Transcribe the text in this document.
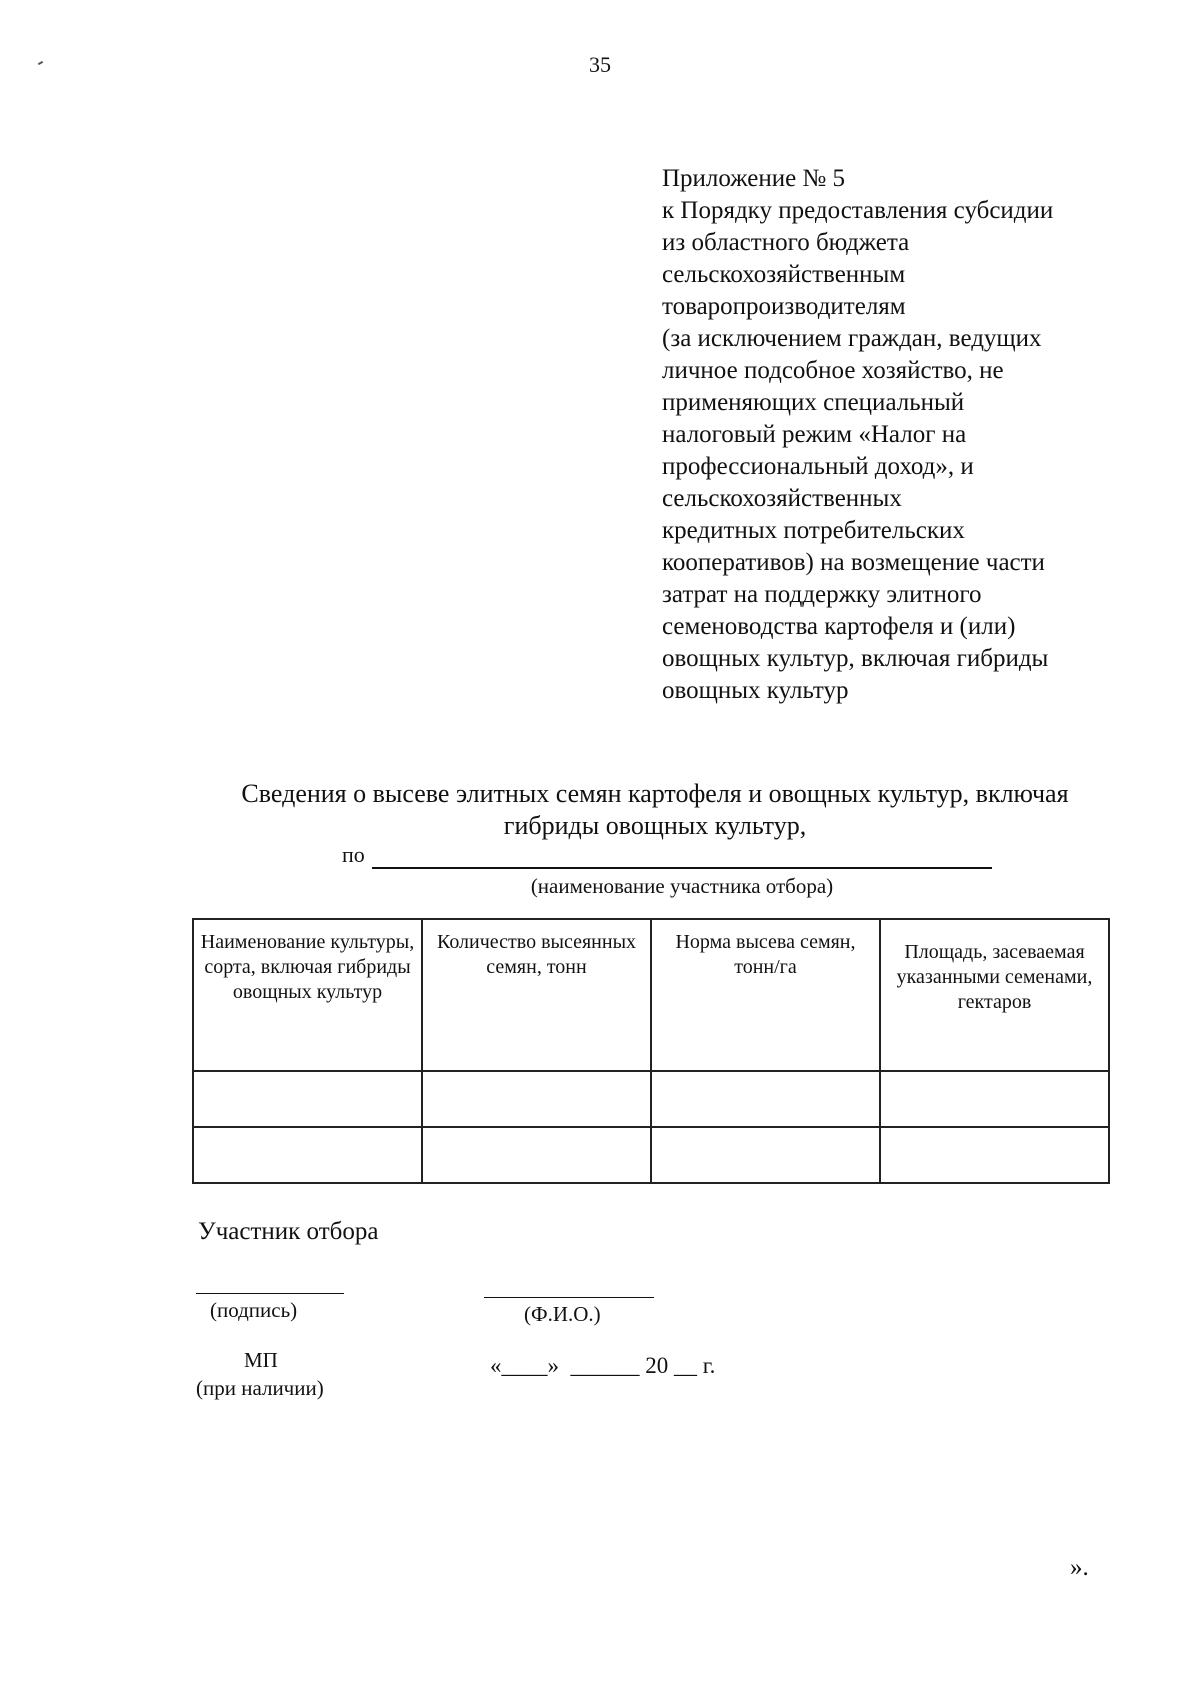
35
Приложение № 5
к Порядку предоставления субсидии
из областного бюджета
сельскохозяйственным
товаропроизводителям
(за исключением граждан, ведущих
личное подсобное хозяйство, не
применяющих специальный
налоговый режим «Налог на
профессиональный доход», и
сельскохозяйственных
кредитных потребительских
кооперативов) на возмещение части
затрат на поддержку элитного
семеноводства картофеля и (или)
овощных культур, включая гибриды
овощных культур
Сведения о высеве элитных семян картофеля и овощных культур, включая
гибриды овощных культур,
по
(наименование участника отбора)
Наименование культуры, сорта, включая гибриды овощных культур	Количество высеянных семян, тонн	Норма высева семян, тонн/га	Площадь, засеваемая указанными семенами, гектаров

Участник отбора
(подпись)	(Ф.И.О.)
МП
(при наличии)
«____»  ______ 20 __ г.
».
